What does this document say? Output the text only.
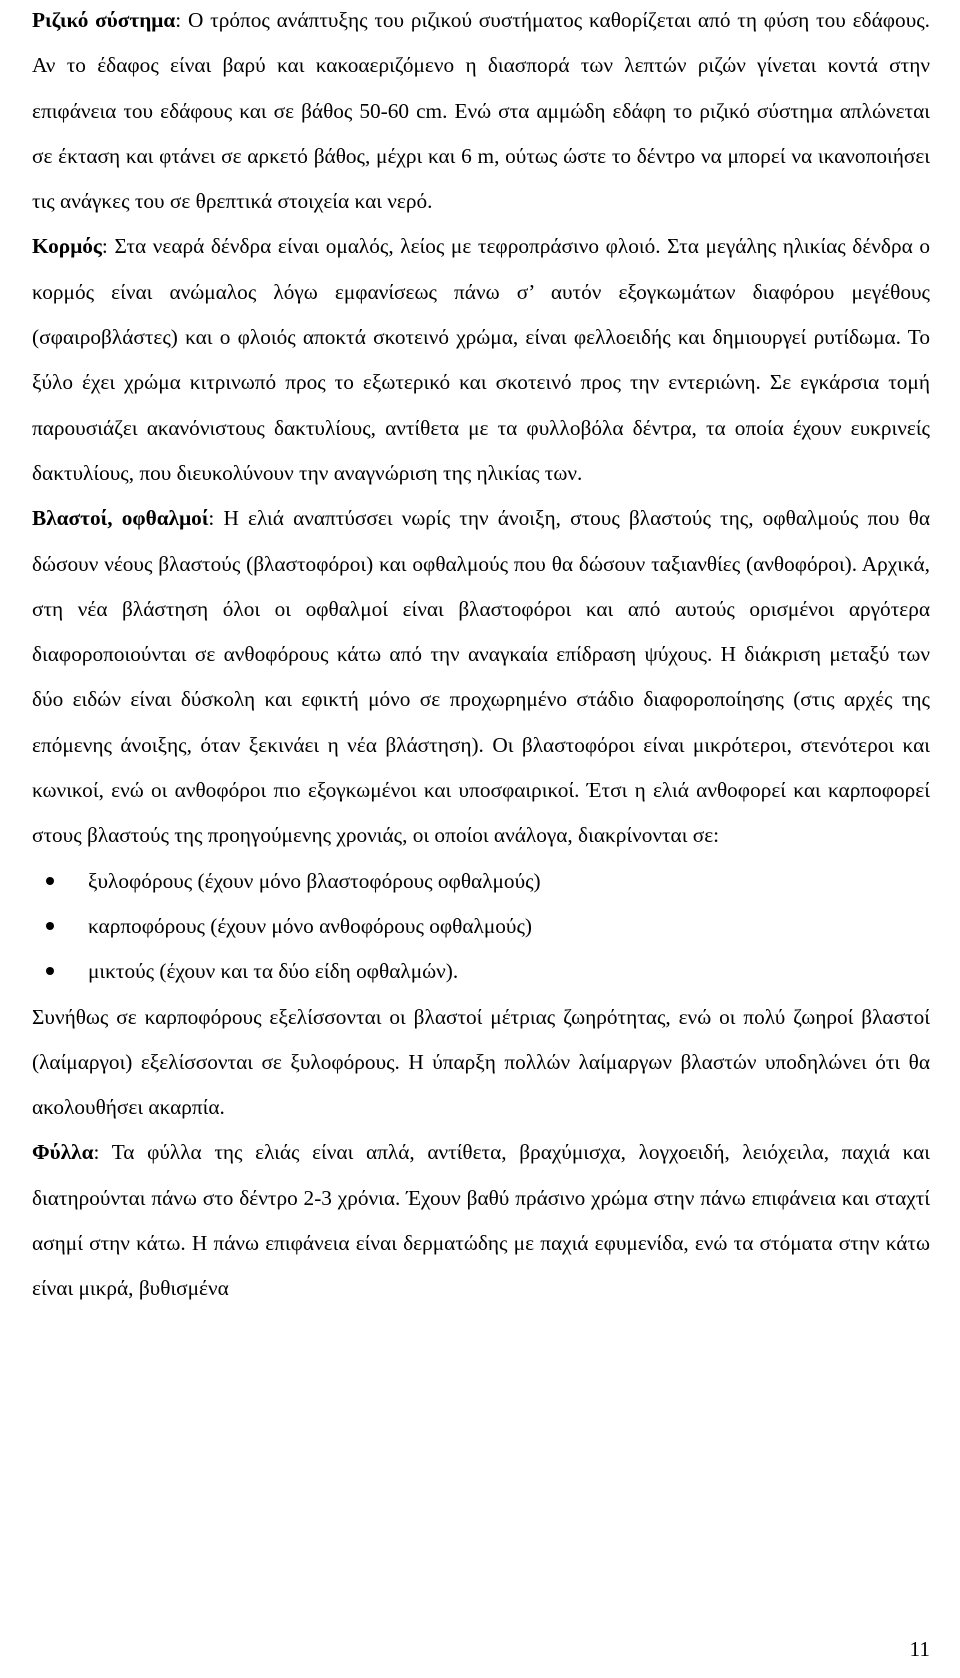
Ριζικό σύστημα: Ο τρόπος ανάπτυξης του ριζικού συστήματος καθορίζεται από τη φύση του εδάφους. Αν το έδαφος είναι βαρύ και κακοαεριζόμενο η διασπορά των λεπτών ριζών γίνεται κοντά στην επιφάνεια του εδάφους και σε βάθος 50-60 cm. Ενώ στα αμμώδη εδάφη το ριζικό σύστημα απλώνεται σε έκταση και φτάνει σε αρκετό βάθος, μέχρι και 6 m, ούτως ώστε το δέντρο να μπορεί να ικανοποιήσει τις ανάγκες του σε θρεπτικά στοιχεία και νερό.

Κορμός: Στα νεαρά δένδρα είναι ομαλός, λείος με τεφροπράσινο φλοιό. Στα μεγάλης ηλικίας δένδρα ο κορμός είναι ανώμαλος λόγω εμφανίσεως πάνω σ’ αυτόν εξογκωμάτων διαφόρου μεγέθους (σφαιροβλάστες) και ο φλοιός αποκτά σκοτεινό χρώμα, είναι φελλοειδής και δημιουργεί ρυτίδωμα. Το ξύλο έχει χρώμα κιτρινωπό προς το εξωτερικό και σκοτεινό προς την εντεριώνη. Σε εγκάρσια τομή παρουσιάζει ακανόνιστους δακτυλίους, αντίθετα με τα φυλλοβόλα δέντρα, τα οποία έχουν ευκρινείς δακτυλίους, που διευκολύνουν την αναγνώριση της ηλικίας των.

Βλαστοί, οφθαλμοί: Η ελιά αναπτύσσει νωρίς την άνοιξη, στους βλαστούς της, οφθαλμούς που θα δώσουν νέους βλαστούς (βλαστοφόροι) και οφθαλμούς που θα δώσουν ταξιανθίες (ανθοφόροι). Αρχικά, στη νέα βλάστηση όλοι οι οφθαλμοί είναι βλαστοφόροι και από αυτούς ορισμένοι αργότερα διαφοροποιούνται σε ανθοφόρους κάτω από την αναγκαία επίδραση ψύχους. Η διάκριση μεταξύ των δύο ειδών είναι δύσκολη και εφικτή μόνο σε προχωρημένο στάδιο διαφοροποίησης (στις αρχές της επόμενης άνοιξης, όταν ξεκινάει η νέα βλάστηση). Οι βλαστοφόροι είναι μικρότεροι, στενότεροι και κωνικοί, ενώ οι ανθοφόροι πιο εξογκωμένοι και υποσφαιρικοί. Έτσι η ελιά ανθοφορεί και καρποφορεί στους βλαστούς της προηγούμενης χρονιάς, οι οποίοι ανάλογα, διακρίνονται σε:

ξυλοφόρους (έχουν μόνο βλαστοφόρους οφθαλμούς)
καρποφόρους (έχουν μόνο ανθοφόρους οφθαλμούς)
μικτούς (έχουν και τα δύο είδη οφθαλμών).

Συνήθως σε καρποφόρους εξελίσσονται οι βλαστοί μέτριας ζωηρότητας, ενώ οι πολύ ζωηροί βλαστοί (λαίμαργοι) εξελίσσονται σε ξυλοφόρους. Η ύπαρξη πολλών λαίμαργων βλαστών υποδηλώνει ότι θα ακολουθήσει ακαρπία.

Φύλλα: Τα φύλλα της ελιάς είναι απλά, αντίθετα, βραχύμισχα, λογχοειδή, λειόχειλα, παχιά και διατηρούνται πάνω στο δέντρο 2-3 χρόνια. Έχουν βαθύ πράσινο χρώμα στην πάνω επιφάνεια και σταχτί ασημί στην κάτω. Η πάνω επιφάνεια είναι δερματώδης με παχιά εφυμενίδα, ενώ τα στόματα στην κάτω είναι μικρά, βυθισμένα

11
